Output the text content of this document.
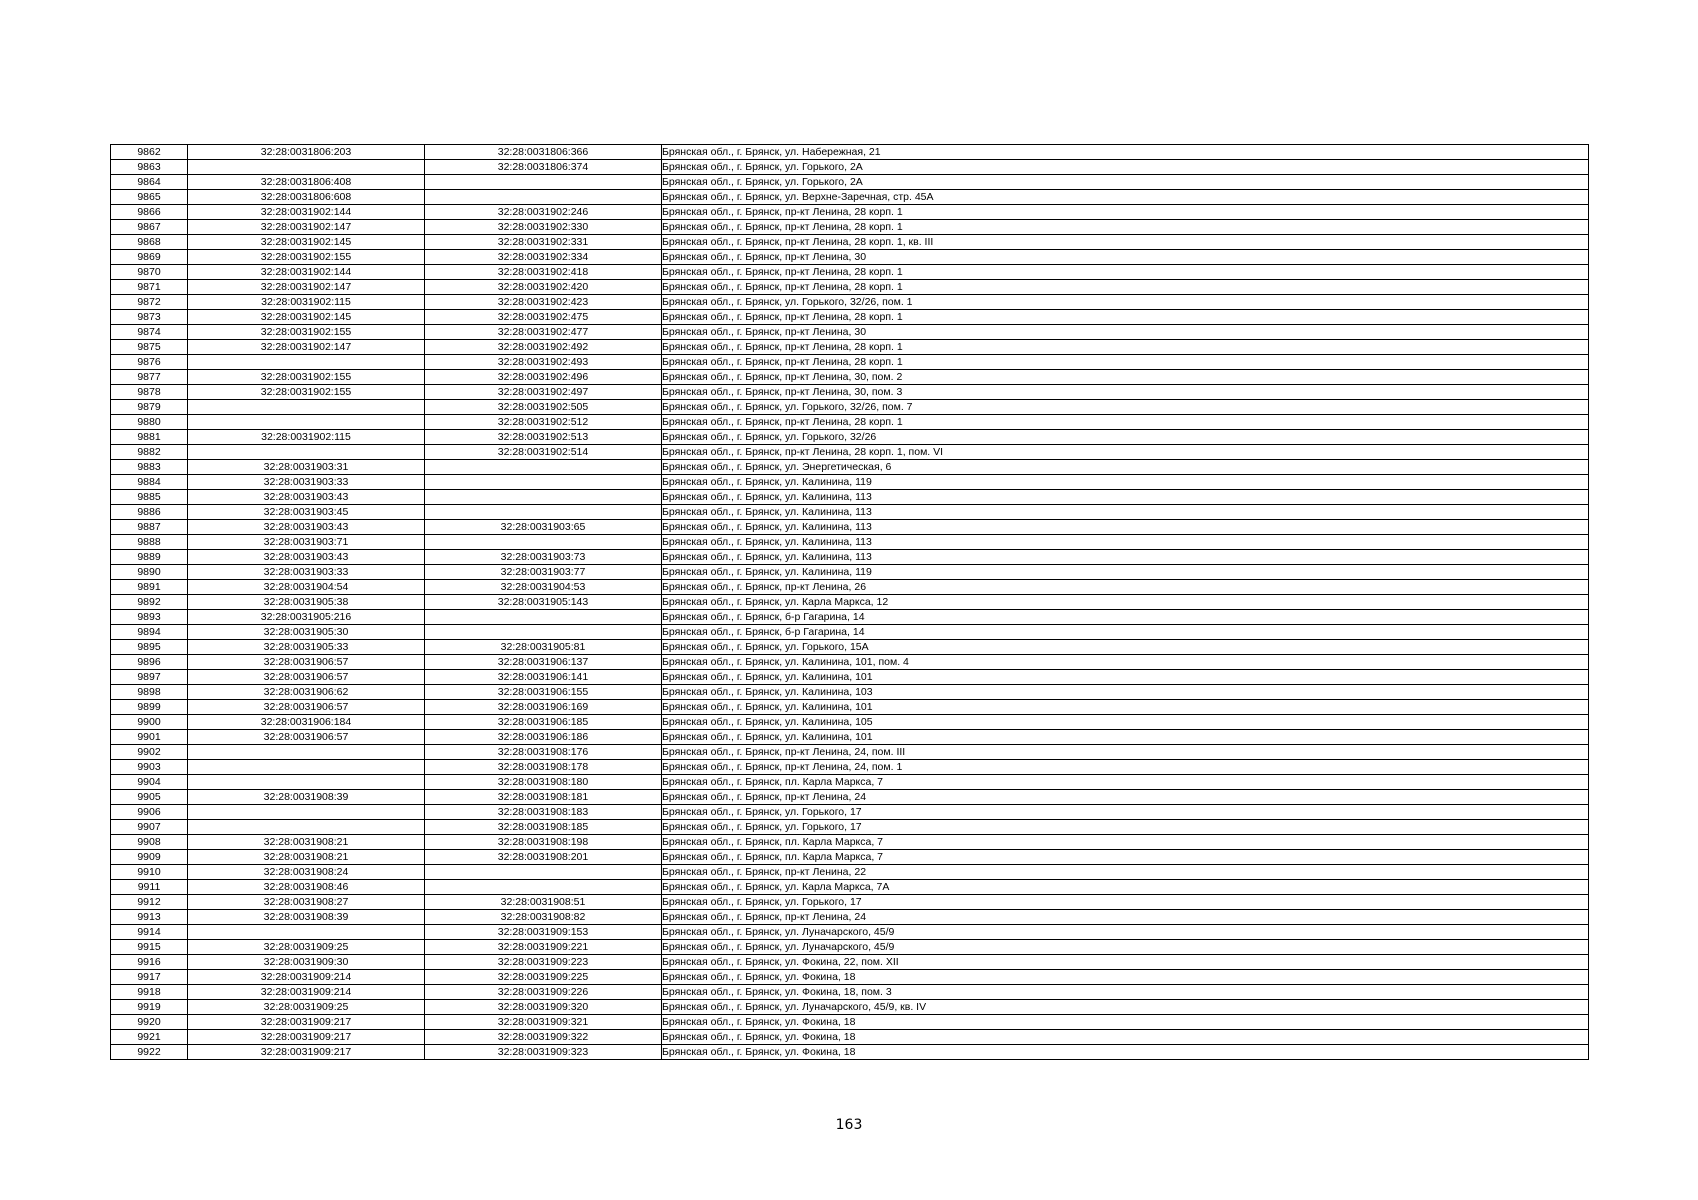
9862	32:28:0031806:203	32:28:0031806:366	Брянская обл., г. Брянск, ул. Набережная, 21
9863		32:28:0031806:374	Брянская обл., г. Брянск, ул. Горького, 2А
9864	32:28:0031806:408		Брянская обл., г. Брянск, ул. Горького, 2А
9865	32:28:0031806:608		Брянская обл., г. Брянск, ул. Верхне-Заречная, стр. 45А
9866	32:28:0031902:144	32:28:0031902:246	Брянская обл., г. Брянск, пр-кт Ленина, 28 корп. 1
9867	32:28:0031902:147	32:28:0031902:330	Брянская обл., г. Брянск, пр-кт Ленина, 28 корп. 1
9868	32:28:0031902:145	32:28:0031902:331	Брянская обл., г. Брянск, пр-кт Ленина, 28 корп. 1, кв. III
9869	32:28:0031902:155	32:28:0031902:334	Брянская обл., г. Брянск, пр-кт Ленина, 30
9870	32:28:0031902:144	32:28:0031902:418	Брянская обл., г. Брянск, пр-кт Ленина, 28 корп. 1
9871	32:28:0031902:147	32:28:0031902:420	Брянская обл., г. Брянск, пр-кт Ленина, 28 корп. 1
9872	32:28:0031902:115	32:28:0031902:423	Брянская обл., г. Брянск, ул. Горького, 32/26, пом. 1
9873	32:28:0031902:145	32:28:0031902:475	Брянская обл., г. Брянск, пр-кт Ленина, 28 корп. 1
9874	32:28:0031902:155	32:28:0031902:477	Брянская обл., г. Брянск, пр-кт Ленина, 30
9875	32:28:0031902:147	32:28:0031902:492	Брянская обл., г. Брянск, пр-кт Ленина, 28 корп. 1
9876		32:28:0031902:493	Брянская обл., г. Брянск, пр-кт Ленина, 28 корп. 1
9877	32:28:0031902:155	32:28:0031902:496	Брянская обл., г. Брянск, пр-кт Ленина, 30, пом. 2
9878	32:28:0031902:155	32:28:0031902:497	Брянская обл., г. Брянск, пр-кт Ленина, 30, пом. 3
9879		32:28:0031902:505	Брянская обл., г. Брянск, ул. Горького, 32/26, пом. 7
9880		32:28:0031902:512	Брянская обл., г. Брянск, пр-кт Ленина, 28 корп. 1
9881	32:28:0031902:115	32:28:0031902:513	Брянская обл., г. Брянск, ул. Горького, 32/26
9882		32:28:0031902:514	Брянская обл., г. Брянск, пр-кт Ленина, 28 корп. 1, пом. VI
9883	32:28:0031903:31		Брянская обл., г. Брянск, ул. Энергетическая, 6
9884	32:28:0031903:33		Брянская обл., г. Брянск, ул. Калинина, 119
9885	32:28:0031903:43		Брянская обл., г. Брянск, ул. Калинина, 113
9886	32:28:0031903:45		Брянская обл., г. Брянск, ул. Калинина, 113
9887	32:28:0031903:43	32:28:0031903:65	Брянская обл., г. Брянск, ул. Калинина, 113
9888	32:28:0031903:71		Брянская обл., г. Брянск, ул. Калинина, 113
9889	32:28:0031903:43	32:28:0031903:73	Брянская обл., г. Брянск, ул. Калинина, 113
9890	32:28:0031903:33	32:28:0031903:77	Брянская обл., г. Брянск, ул. Калинина, 119
9891	32:28:0031904:54	32:28:0031904:53	Брянская обл., г. Брянск, пр-кт Ленина, 26
9892	32:28:0031905:38	32:28:0031905:143	Брянская обл., г. Брянск, ул. Карла Маркса, 12
9893	32:28:0031905:216		Брянская обл., г. Брянск, б-р Гагарина, 14
9894	32:28:0031905:30		Брянская обл., г. Брянск, б-р Гагарина, 14
9895	32:28:0031905:33	32:28:0031905:81	Брянская обл., г. Брянск, ул. Горького, 15А
9896	32:28:0031906:57	32:28:0031906:137	Брянская обл., г. Брянск, ул. Калинина, 101, пом. 4
9897	32:28:0031906:57	32:28:0031906:141	Брянская обл., г. Брянск, ул. Калинина, 101
9898	32:28:0031906:62	32:28:0031906:155	Брянская обл., г. Брянск, ул. Калинина, 103
9899	32:28:0031906:57	32:28:0031906:169	Брянская обл., г. Брянск, ул. Калинина, 101
9900	32:28:0031906:184	32:28:0031906:185	Брянская обл., г. Брянск, ул. Калинина, 105
9901	32:28:0031906:57	32:28:0031906:186	Брянская обл., г. Брянск, ул. Калинина, 101
9902		32:28:0031908:176	Брянская обл., г. Брянск, пр-кт Ленина, 24, пом. III
9903		32:28:0031908:178	Брянская обл., г. Брянск, пр-кт Ленина, 24, пом. 1
9904		32:28:0031908:180	Брянская обл., г. Брянск, пл. Карла Маркса, 7
9905	32:28:0031908:39	32:28:0031908:181	Брянская обл., г. Брянск, пр-кт Ленина, 24
9906		32:28:0031908:183	Брянская обл., г. Брянск, ул. Горького, 17
9907		32:28:0031908:185	Брянская обл., г. Брянск, ул. Горького, 17
9908	32:28:0031908:21	32:28:0031908:198	Брянская обл., г. Брянск, пл. Карла Маркса, 7
9909	32:28:0031908:21	32:28:0031908:201	Брянская обл., г. Брянск, пл. Карла Маркса, 7
9910	32:28:0031908:24		Брянская обл., г. Брянск, пр-кт Ленина, 22
9911	32:28:0031908:46		Брянская обл., г. Брянск, ул. Карла Маркса, 7А
9912	32:28:0031908:27	32:28:0031908:51	Брянская обл., г. Брянск, ул. Горького, 17
9913	32:28:0031908:39	32:28:0031908:82	Брянская обл., г. Брянск, пр-кт Ленина, 24
9914		32:28:0031909:153	Брянская обл., г. Брянск, ул. Луначарского, 45/9
9915	32:28:0031909:25	32:28:0031909:221	Брянская обл., г. Брянск, ул. Луначарского, 45/9
9916	32:28:0031909:30	32:28:0031909:223	Брянская обл., г. Брянск, ул. Фокина, 22, пом. XII
9917	32:28:0031909:214	32:28:0031909:225	Брянская обл., г. Брянск, ул. Фокина, 18
9918	32:28:0031909:214	32:28:0031909:226	Брянская обл., г. Брянск, ул. Фокина, 18, пом. 3
9919	32:28:0031909:25	32:28:0031909:320	Брянская обл., г. Брянск, ул. Луначарского, 45/9, кв. IV
9920	32:28:0031909:217	32:28:0031909:321	Брянская обл., г. Брянск, ул. Фокина, 18
9921	32:28:0031909:217	32:28:0031909:322	Брянская обл., г. Брянск, ул. Фокина, 18
9922	32:28:0031909:217	32:28:0031909:323	Брянская обл., г. Брянск, ул. Фокина, 18
163
